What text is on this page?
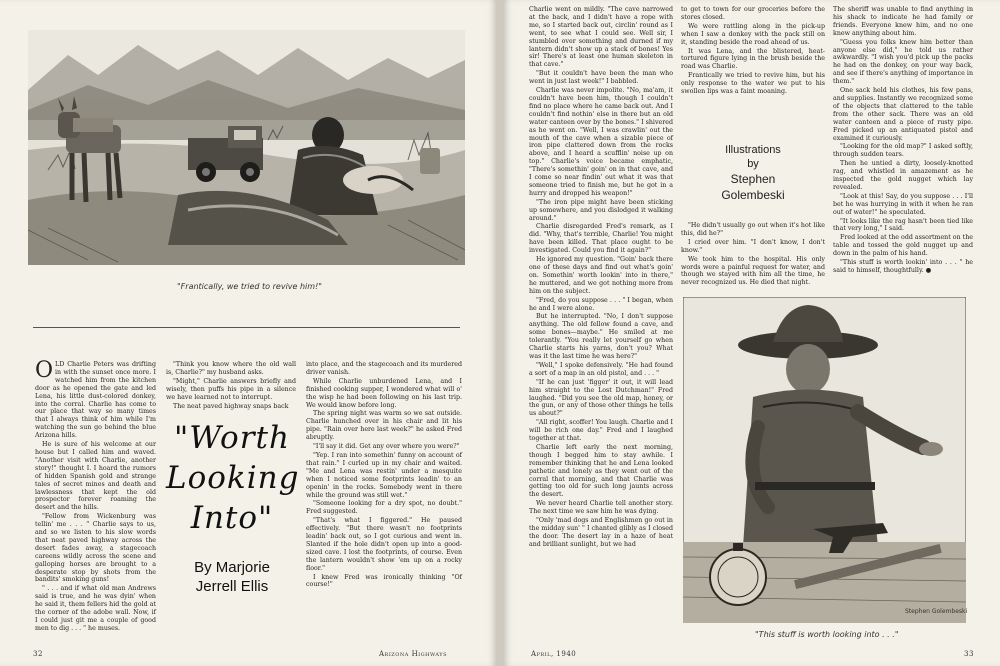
"Frantically, we tried to revive him!"

OLD Charlie Peters was drifting in with the sunset once more. I watched him from the kitchen door as he opened the gate and led Lena, his little dust-colored donkey, into the corral. Charlie has come to our place that way so many times that I always think of him while I'm watching the sun go behind the blue Arizona hills.

He is sure of his welcome at our house but I called him and waved. "Another visit with Charlie, another story!" thought I. I hoard the rumors of hidden Spanish gold and strange tales of secret mines and death and lawlessness that kept the old prospector forever roaming the desert and the hills.

"Fellow from Wickenburg was tellin' me . . . " Charlie says to us, and so we listen to his slow words that neat paved highway across the desert fades away, a stagecoach careens wildly across the scene and galloping horses are brought to a desperate stop by shots from the bandits' smoking guns!

" . . . and if what old man Andrews said is true, and he was dyin' when he said it, them fellers hid the gold at the corner of the adobe wall. Now, if I could just git me a couple of good men to dig . . . " he muses.

"Think you know where the old wall is, Charlie?" my husband asks.

"Might," Charlie answers briefly and wisely, then puffs his pipe in a silence we have learned not to interrupt.

The neat paved highway snaps back

"Worth
Looking
Into"
By Marjorie
Jerrell Ellis

into place, and the stagecoach and its murdered driver vanish.

While Charlie unburdened Lena, and I finished cooking supper, I wondered what will o' the wisp he had been following on his last trip. We would know before long.

The spring night was warm so we sat outside. Charlie hunched over in his chair and lit his pipe. "Rain over here last week?" he asked Fred abruptly.

"I'll say it did. Get any over where you were?"

"Yep. I ran into somethin' funny on account of that rain." I curled up in my chair and waited. "Me and Lena was restin' under a mesquite when I noticed some footprints leadin' to an openin' in the rocks. Somebody went in there while the ground was still wet."

"Someone looking for a dry spot, no doubt." Fred suggested.

"That's what I figgered." He paused effectively. "But there wasn't no footprints leadin' back out, so I got curious and went in. Slanted if the hole didn't open up into a good-sized cave. I lost the footprints, of course. Even the lantern wouldn't show 'em up on a rocky floor."

I knew Fred was ironically thinking "Of course!"

32	Arizona Highways

Charlie went on mildly. "The cave narrowed at the back, and I didn't have a rope with me, so I started back out, circlin' round as I went, to see what I could see. Well sir, I stumbled over something and durned if my lantern didn't show up a stack of bones! Yes sir! There's at least one human skeleton in that cave."

"But it couldn't have been the man who went in just last week!" I babbled.

Charlie was never impolite. "No, ma'am, it couldn't have been him, though I couldn't find no place where he came back out. And I couldn't find nothin' else in there but an old water canteen over by the bones." I shivered as he went on. "Well, I was crawlin' out the mouth of the cave when a sizable piece of iron pipe clattered down from the rocks above, and I heard a scufflin' noise up on top." Charlie's voice became emphatic, "There's somethin' goin' on in that cave, and I come so near findin' out what it was that someone tried to finish me, but he got in a hurry and dropped his weapon!"

"The iron pipe might have been sticking up somewhere, and you dislodged it walking around."

Charlie disregarded Fred's remark, as I did. "Why, that's terrible, Charlie! You might have been killed. That place ought to be investigated. Could you find it again?"

He ignored my question. "Goin' back there one of these days and find out what's goin' on. Somethin' worth lookin' into in there," he muttered, and we got nothing more from him on the subject.

"Fred, do you suppose . . . " I began, when he and I were alone.

But he interrupted. "No, I don't suppose anything. The old fellow found a cave, and some bones—maybe." He smiled at me tolerantly. "You really let yourself go when Charlie starts his yarns, don't you? What was it the last time he was here?"

"Well," I spoke defensively. "He had found a sort of a map in an old pistol, and . . . "

"If he can just 'figger' it out, it will lead him straight to the Lost Dutchman!" Fred laughed. "Did you see the old map, honey, or the gun, or any of those other things he tells us about?"

"All right, scoffer! You laugh. Charlie and I will be rich one day." Fred and I laughed together at that.

Charlie left early the next morning, though I begged him to stay awhile. I remember thinking that he and Lena looked pathetic and lonely as they went out of the corral that morning, and that Charlie was getting too old for such long jaunts across the desert.

We never heard Charlie tell another story. The next time we saw him he was dying.

"Only 'mad dogs and Englishmen go out in the midday sun' " I chanted glibly as I closed the door. The desert lay in a haze of heat and brilliant sunlight, but we had

to get to town for our groceries before the stores closed.

We were rattling along in the pick-up when I saw a donkey with the pack still on it, standing beside the road ahead of us.

It was Lena, and the blistered, heat-tortured figure lying in the brush beside the road was Charlie.

Frantically we tried to revive him, but his only response to the water we put to his swollen lips was a faint moaning.

Illustrations
by
Stephen
Golembeski

"He didn't usually go out when it's hot like this, did he?"

I cried over him. "I don't know, I don't know."

We took him to the hospital. His only words were a painful request for water, and though we stayed with him all the time, he never recognized us. He died that night.

The sheriff was unable to find anything in his shack to indicate he had family or friends. Everyone knew him, and no one knew anything about him.

"Guess you folks knew him better than anyone else did," he told us rather awkwardly. "I wish you'd pick up the packs he had on the donkey, on your way back, and see if there's anything of importance in them."

One sack held his clothes, his few pans, and supplies. Instantly we recognized some of the objects that clattered to the table from the other sack. There was an old water canteen and a piece of rusty pipe. Fred picked up an antiquated pistol and examined it curiously.

"Looking for the old map?" I asked softly, through sudden tears.

Then he untied a dirty, loosely-knotted rag, and whistled in amazement as he inspected the gold nugget which lay revealed.

"Look at this! Say, do you suppose . . . I'll bet he was hurrying in with it when he ran out of water!" he speculated.

"It looks like the rag hasn't been tied like that very long," I said.

Fred looked at the odd assortment on the table and tossed the gold nugget up and down in the palm of his hand.

"This stuff is worth lookin' into . . . " he said to himself, thoughtfully. ●

Stephen Golembeski
"This stuff is worth looking into . . ."
April, 1940	33
